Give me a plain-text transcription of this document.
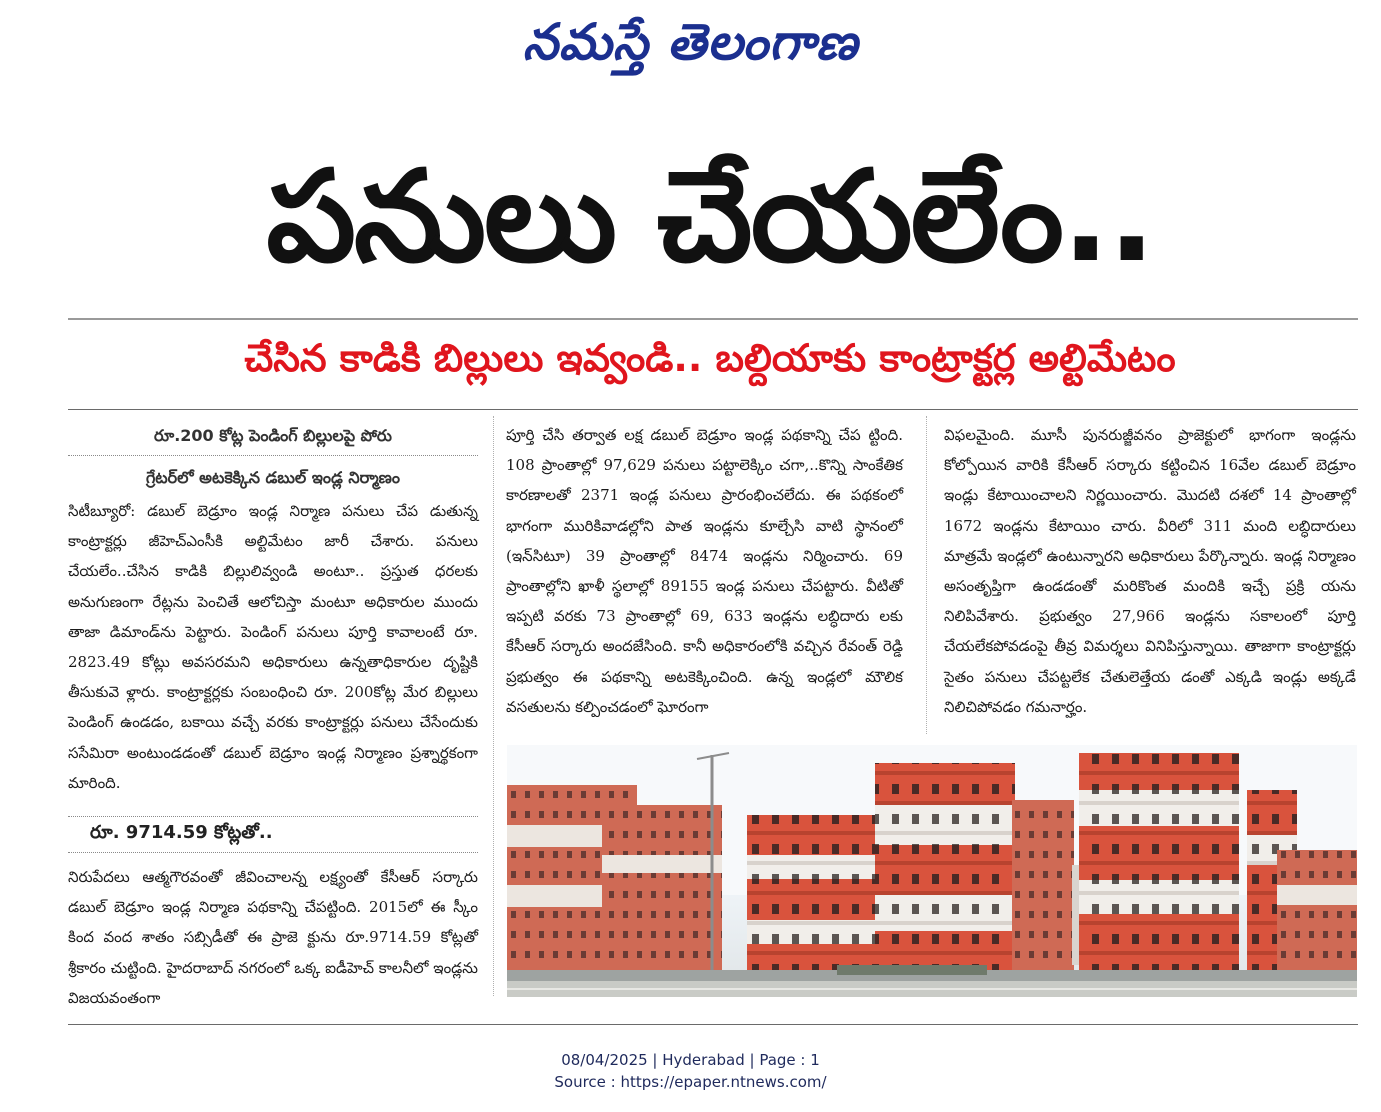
నమస్తే తెలంగాణ
పనులు చేయలేం..
చేసిన కాడికి బిల్లులు ఇవ్వండి.. బల్దియాకు కాంట్రాక్టర్ల అల్టిమేటం
రూ.200 కోట్ల పెండింగ్‌ బిల్లులపై పోరు
గ్రేటర్‌లో అటకెక్కిన డబుల్‌ ఇండ్ల నిర్మాణం

సిటీబ్యూరో: డబుల్‌ బెడ్రూం ఇండ్ల నిర్మాణ పనులు చేప డుతున్న కాంట్రాక్టర్లు జీహెచ్‌ఎంసీకి అల్టిమేటం జారీ చేశారు. పనులు చేయలేం..చేసిన కాడికి బిల్లులివ్వండి అంటూ.. ప్రస్తుత ధరలకు అనుగుణంగా రేట్లను పెంచితే ఆలోచిస్తా మంటూ అధికారుల ముందు తాజా డిమాండ్‌ను పెట్టారు. పెండింగ్‌ పనులు పూర్తి కావాలంటే రూ. 2823.49 కోట్లు అవసరమని అధికారులు ఉన్నతాధికారుల దృష్టికి తీసుకువె ళ్లారు. కాంట్రాక్టర్లకు సంబంధించి రూ. 200కోట్ల మేర బిల్లులు పెండింగ్‌ ఉండడం, బకాయి వచ్చే వరకు కాంట్రాక్టర్లు పనులు చేసేందుకు ససేమిరా అంటుండడంతో డబుల్‌ బెడ్రూం ఇండ్ల నిర్మాణం ప్రశ్నార్థకంగా మారింది.

రూ. 9714.59 కోట్లతో..

నిరుపేదలు ఆత్మగౌరవంతో జీవించాలన్న లక్ష్యంతో కేసీఆర్‌ సర్కారు డబుల్‌ బెడ్రూం ఇండ్ల నిర్మాణ పథకాన్ని చేపట్టింది. 2015లో ఈ స్కీం కింద వంద శాతం సబ్సిడీతో ఈ ప్రాజె క్టును రూ.9714.59 కోట్లతో శ్రీకారం చుట్టింది. హైదరాబాద్‌ నగరంలో ఒక్క ఐడీహెచ్‌ కాలనీలో ఇండ్లను విజయవంతంగా

పూర్తి చేసి తర్వాత లక్ష డబుల్‌ బెడ్రూం ఇండ్ల పథకాన్ని చేప ట్టింది. 108 ప్రాంతాల్లో 97,629 పనులు పట్టాలెక్కిం చగా,..కొన్ని సాంకేతిక కారణాలతో 2371 ఇండ్ల పనులు ప్రారంభించలేదు. ఈ పథకంలో భాగంగా మురికివాడల్లోని పాత ఇండ్లను కూల్చేసి వాటి స్థానంలో (ఇన్‌సిటూ) 39 ప్రాంతాల్లో 8474 ఇండ్లను నిర్మించారు. 69 ప్రాంతాల్లోని ఖాళీ స్థలాల్లో 89155 ఇండ్ల పనులు చేపట్టారు. వీటితో ఇప్పటి వరకు 73 ప్రాంతాల్లో 69, 633 ఇండ్లను లబ్ధిదారు లకు కేసీఆర్‌ సర్కారు అందజేసింది. కానీ అధికారంలోకి వచ్చిన రేవంత్‌ రెడ్డి ప్రభుత్వం ఈ పథకాన్ని అటకెక్కించింది. ఉన్న ఇండ్లలో మౌలిక వసతులను కల్పించడంలో ఘోరంగా

విఫలమైంది. మూసీ పునరుజ్జీవనం ప్రాజెక్టులో భాగంగా ఇండ్లను కోల్పోయిన వారికి కేసీఆర్‌ సర్కారు కట్టించిన 16వేల డబుల్‌ బెడ్రూం ఇండ్లు కేటాయించాలని నిర్ణయించారు. మొదటి దశలో 14 ప్రాంతాల్లో 1672 ఇండ్లను కేటాయిం చారు. వీరిలో 311 మంది లబ్ధిదారులు మాత్రమే ఇండ్లలో ఉంటున్నారని అధికారులు పేర్కొన్నారు. ఇండ్ల నిర్మాణం అసంతృప్తిగా ఉండడంతో మరికొంత మందికి ఇచ్చే ప్రక్రి యను నిలిపివేశారు. ప్రభుత్వం 27,966 ఇండ్లను సకాలంలో పూర్తి చేయలేకపోవడంపై తీవ్ర విమర్శలు వినిపిస్తున్నాయి. తాజాగా కాంట్రాక్టర్లు సైతం పనులు చేపట్టలేక చేతులెత్తేయ డంతో ఎక్కడి ఇండ్లు అక్కడే నిలిచిపోవడం గమనార్హం.

08/04/2025 | Hyderabad | Page : 1
Source : https://epaper.ntnews.com/
